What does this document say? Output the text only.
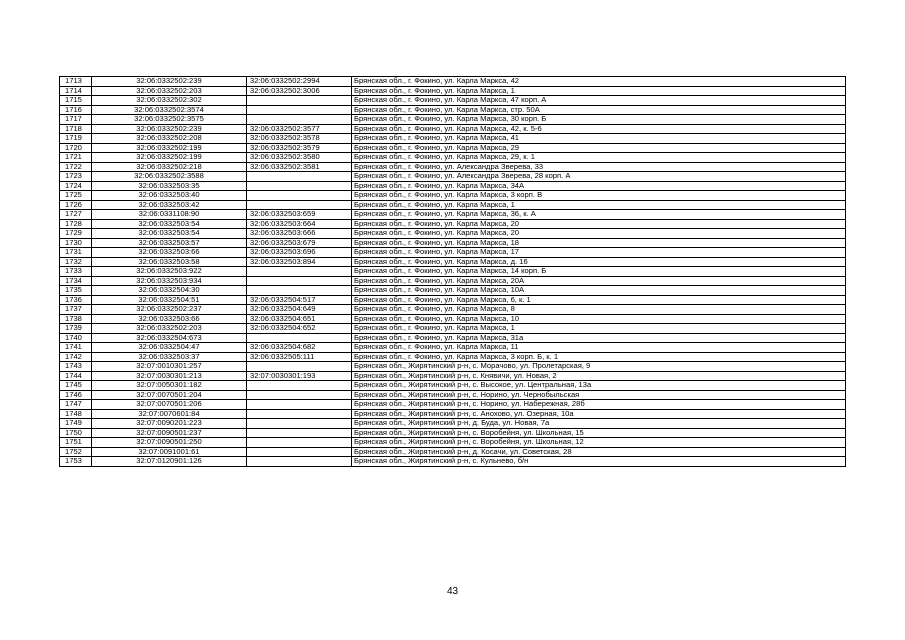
1713	32:06:0332502:239	32:06:0332502:2994	Брянская обл., г. Фокино, ул. Карла Маркса, 42
1714	32:06:0332502:203	32:06:0332502:3006	Брянская обл., г. Фокино, ул. Карла Маркса, 1
1715	32:06:0332502:302		Брянская обл., г. Фокино, ул. Карла Маркса, 47 корп. А
1716	32:06:0332502:3574		Брянская обл., г. Фокино, ул. Карла Маркса, стр. 50А
1717	32:06:0332502:3575		Брянская обл., г. Фокино, ул. Карла Маркса, 30 корп. Б
1718	32:06:0332502:239	32:06:0332502:3577	Брянская обл., г. Фокино, ул. Карла Маркса, 42, к. 5-6
1719	32:06:0332502:208	32:06:0332502:3578	Брянская обл., г. Фокино, ул. Карла Маркса, 41
1720	32:06:0332502:199	32:06:0332502:3579	Брянская обл., г. Фокино, ул. Карла Маркса, 29
1721	32:06:0332502:199	32:06:0332502:3580	Брянская обл., г. Фокино, ул. Карла Маркса, 29, к. 1
1722	32:06:0332502:218	32:06:0332502:3581	Брянская обл., г. Фокино, ул. Александра Зверева, 33
1723	32:06:0332502:3588		Брянская обл., г. Фокино, ул. Александра Зверева, 28 корп. А
1724	32:06:0332503:35		Брянская обл., г. Фокино, ул. Карла Маркса, 34А
1725	32:06:0332503:40		Брянская обл., г. Фокино, ул. Карла Маркса, 3 корп. В
1726	32:06:0332503:42		Брянская обл., г. Фокино, ул. Карла Маркса, 1
1727	32:06:0331108:90	32:06:0332503:659	Брянская обл., г. Фокино, ул. Карла Маркса, 36, к. А
1728	32:06:0332503:54	32:06:0332503:664	Брянская обл., г. Фокино, ул. Карла Маркса, 20
1729	32:06:0332503:54	32:06:0332503:666	Брянская обл., г. Фокино, ул. Карла Маркса, 20
1730	32:06:0332503:57	32:06:0332503:679	Брянская обл., г. Фокино, ул. Карла Маркса, 18
1731	32:06:0332503:66	32:06:0332503:696	Брянская обл., г. Фокино, ул. Карла Маркса, 17
1732	32:06:0332503:58	32:06:0332503:894	Брянская обл., г. Фокино, ул. Карла Маркса, д. 16
1733	32:06:0332503:922		Брянская обл., г. Фокино, ул. Карла Маркса, 14 корп. Б
1734	32:06:0332503:934		Брянская обл., г. Фокино, ул. Карла Маркса, 20А
1735	32:06:0332504:30		Брянская обл., г. Фокино, ул. Карла Маркса, 10А
1736	32:06:0332504:51	32:06:0332504:517	Брянская обл., г. Фокино, ул. Карла Маркса, 6, к. 1
1737	32:06:0332502:237	32:06:0332504:649	Брянская обл., г. Фокино, ул. Карла Маркса, 8
1738	32:06:0332503:66	32:06:0332504:651	Брянская обл., г. Фокино, ул. Карла Маркса, 10
1739	32:06:0332502:203	32:06:0332504:652	Брянская обл., г. Фокино, ул. Карла Маркса, 1
1740	32:06:0332504:673		Брянская обл., г. Фокино, ул. Карла Маркса, 31а
1741	32:06:0332504:47	32:06:0332504:682	Брянская обл., г. Фокино, ул. Карла Маркса, 11
1742	32:06:0332503:37	32:06:0332505:111	Брянская обл., г. Фокино, ул. Карла Маркса, 3 корп. Б, к. 1
1743	32:07:0010301:257		Брянская обл., Жирятинский р-н, с. Морачово, ул. Пролетарская, 9
1744	32:07:0030301:213	32:07:0030301:193	Брянская обл., Жирятинский р-н, с. Княвичи, ул. Новая, 2
1745	32:07:0050301:182		Брянская обл., Жирятинский р-н, с. Высокое, ул. Центральная, 13а
1746	32:07:0070501:204		Брянская обл., Жирятинский р-н, с. Норино, ул. Чернобыльская
1747	32:07:0070501:206		Брянская обл., Жирятинский р-н, с. Норино, ул. Набережная, 28б
1748	32:07:0070601:84		Брянская обл., Жирятинский р-н, с. Анохово, ул. Озерная, 10а
1749	32:07:0090201:223		Брянская обл., Жирятинский р-н, д. Буда, ул. Новая, 7а
1750	32:07:0090501:237		Брянская обл., Жирятинский р-н, с. Воробейня, ул. Школьная, 15
1751	32:07:0090501:250		Брянская обл., Жирятинский р-н, с. Воробейня, ул. Школьная, 12
1752	32:07:0091001:61		Брянская обл., Жирятинский р-н, д. Косачи, ул. Советская, 28
1753	32:07:0120901:126		Брянская обл., Жирятинский р-н, с. Кульнево, б/н
43
